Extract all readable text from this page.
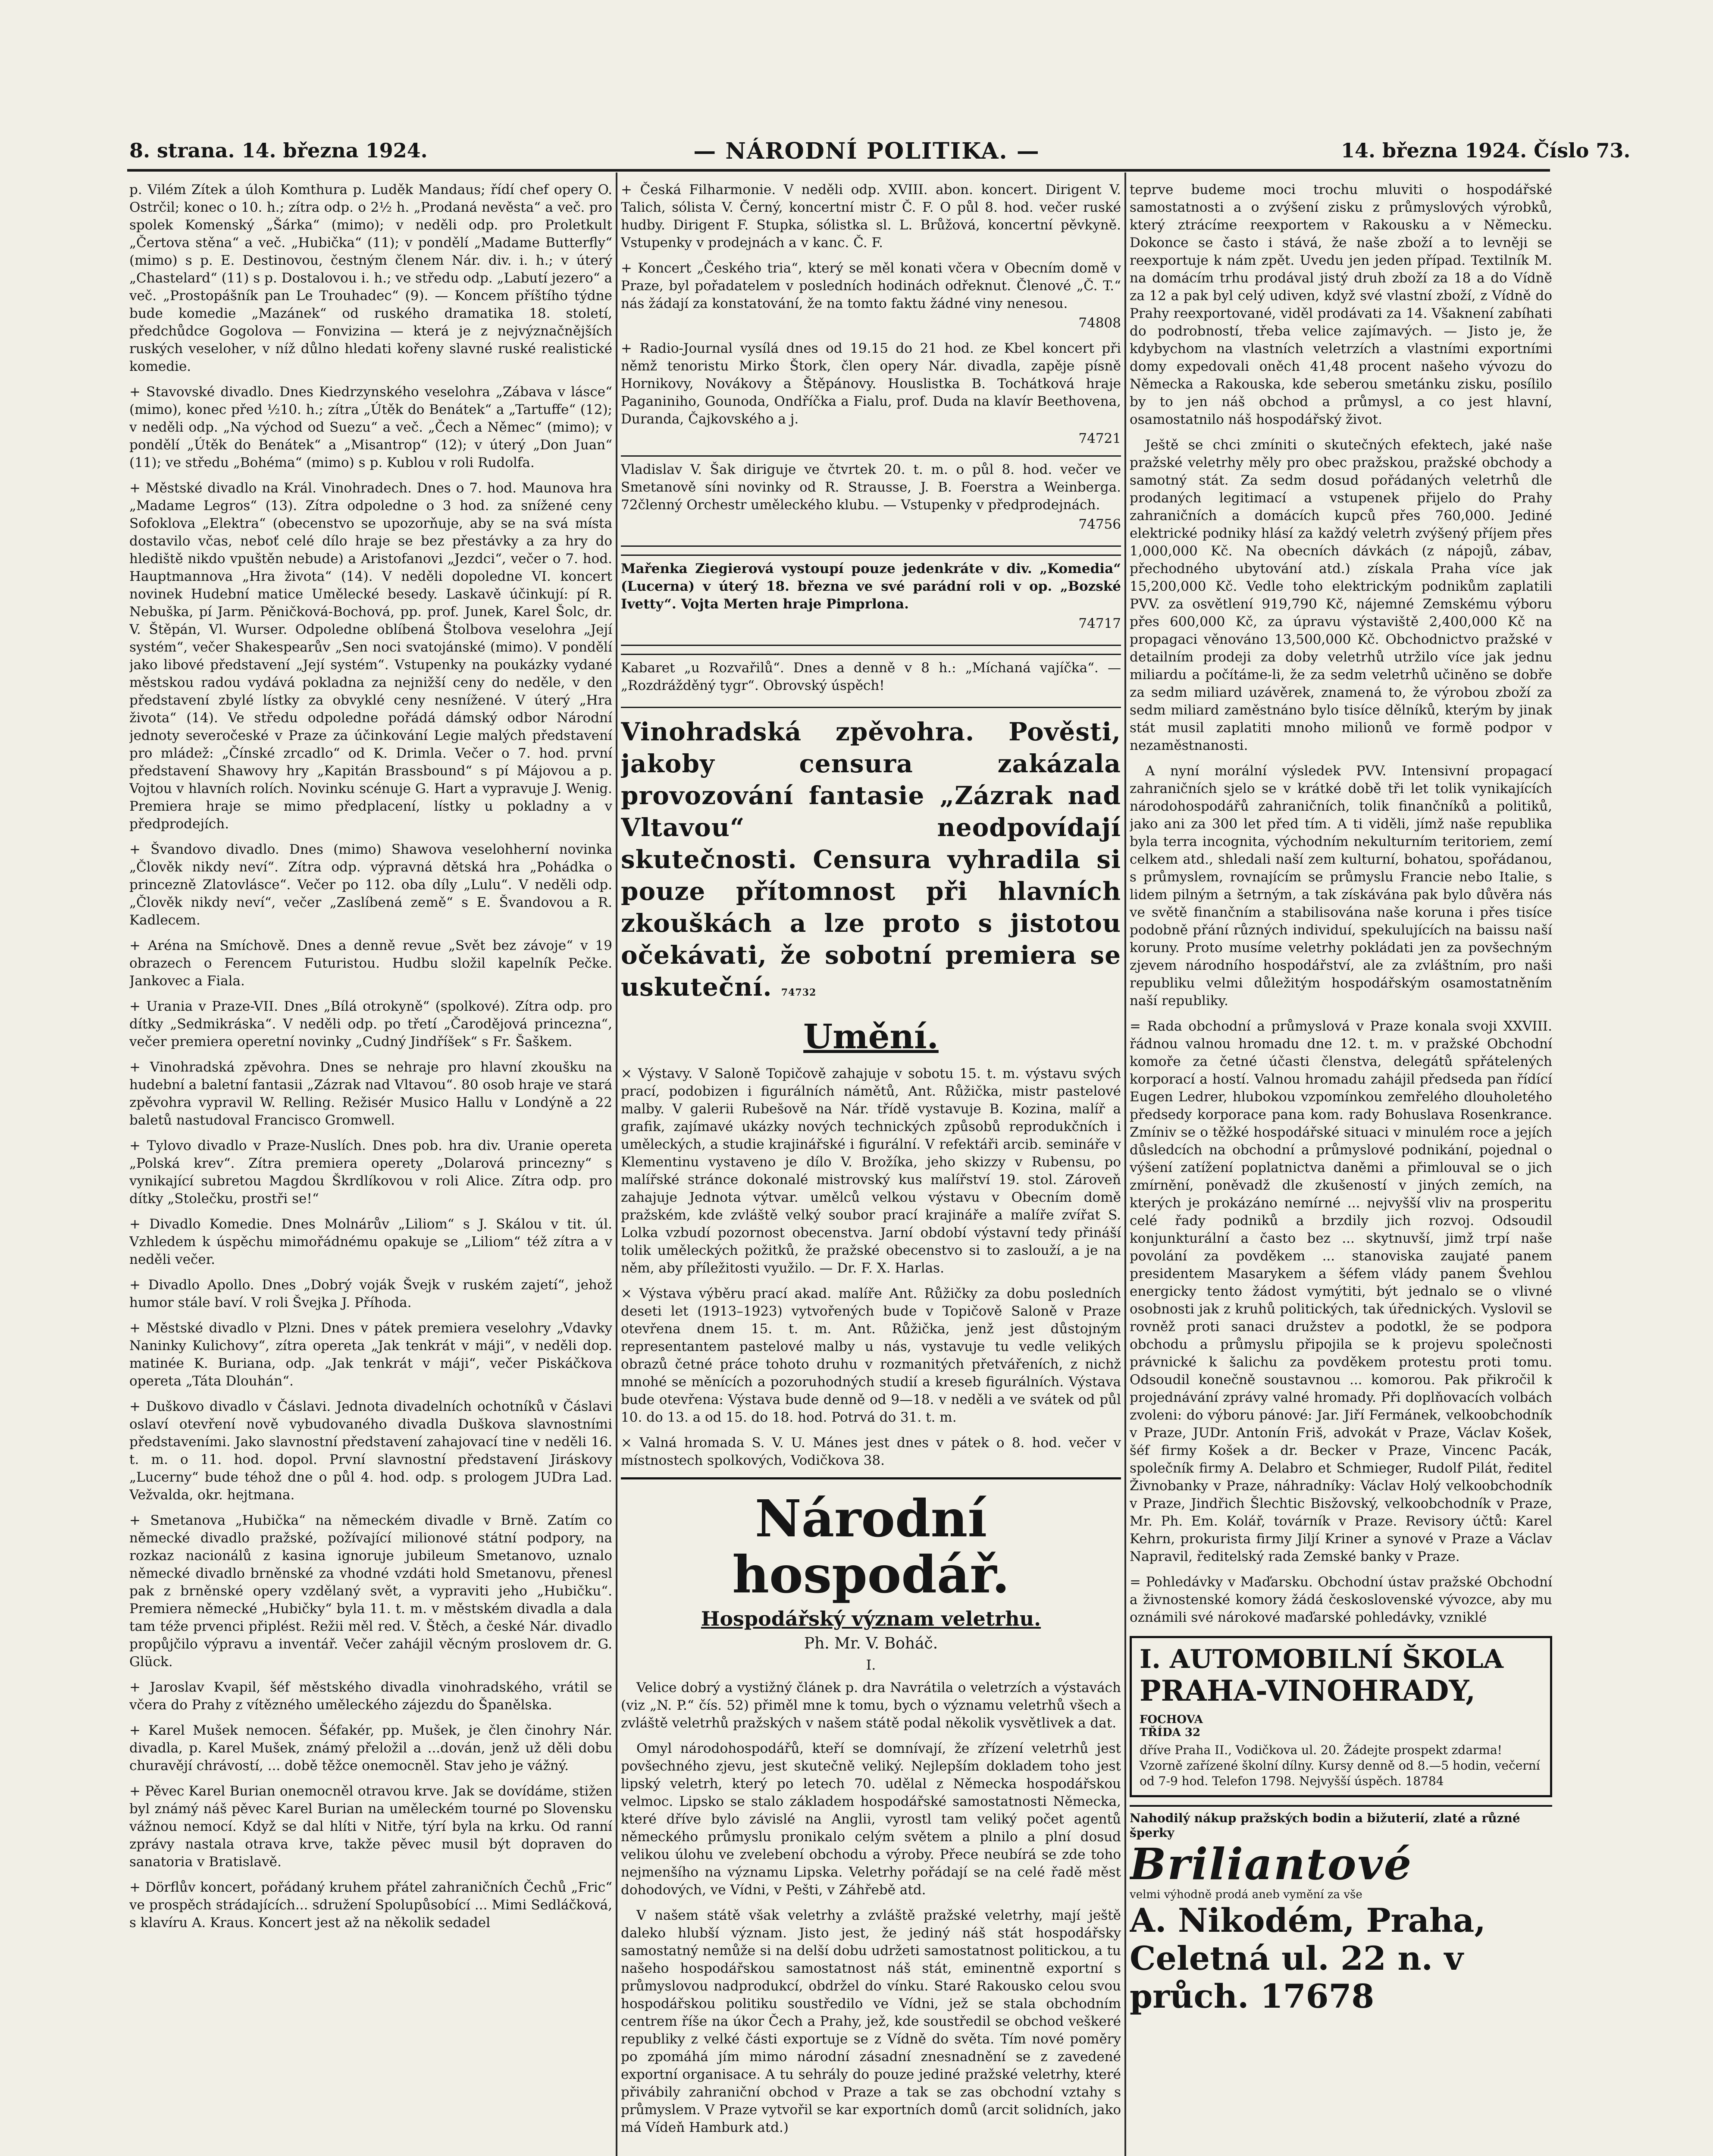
8. strana. 14. března 1924.	— NÁRODNÍ POLITIKA. —	14. března 1924. Číslo 73.

p. Vilém Zítek a úloh Komthura p. Luděk Mandaus; řídí chef opery O. Ostrčil; konec o 10. h.; zítra odp. o 2½ h. „Prodaná nevěsta“ a več. pro spolek Komenský „Šárka“ (mimo); v neděli odp. pro Proletkult „Čertova stěna“ a več. „Hubička“ (11); v pondělí „Madame Butterfly“ (mimo) s p. E. Destinovou, čestným členem Nár. div. i. h.; v úterý „Chastelard“ (11) s p. Dostalovou i. h.; ve středu odp. „Labutí jezero“ a več. „Prostopášník pan Le Trouhadec“ (9). — Koncem příštího týdne bude komedie „Mazánek“ od ruského dramatika 18. století, předchůdce Gogolova — Fonvizina — která je z nejvýznačnějších ruských veseloher, v níž důlno hledati kořeny slavné ruské realistické komedie.

+ Stavovské divadlo. Dnes Kiedrzynského veselohra „Zábava v lásce“ (mimo), konec před ½10. h.; zítra „Útěk do Benátek“ a „Tartuffe“ (12); v neděli odp. „Na východ od Suezu“ a več. „Čech a Němec“ (mimo); v pondělí „Útěk do Benátek“ a „Misantrop“ (12); v úterý „Don Juan“ (11); ve středu „Bohéma“ (mimo) s p. Kublou v roli Rudolfa.

+ Městské divadlo na Král. Vinohradech. Dnes o 7. hod. Maunova hra „Madame Legros“ (13). Zítra odpoledne o 3 hod. za snížené ceny Sofoklova „Elektra“ (obecenstvo se upozorňuje, aby se na svá místa dostavilo včas, neboť celé dílo hraje se bez přestávky a za hry do hlediště nikdo vpuštěn nebude) a Aristofanovi „Jezdci“, večer o 7. hod. Hauptmannova „Hra života“ (14). V neděli dopoledne VI. koncert novinek Hudební matice Umělecké besedy. Laskavě účinkují: pí R. Nebuška, pí Jarm. Pěničková-Bochová, pp. prof. Junek, Karel Šolc, dr. V. Štěpán, Vl. Wurser. Odpoledne oblíbená Štolbova veselohra „Její systém“, večer Shakespearův „Sen noci svatojánské (mimo). V pondělí jako libové představení „Její systém“. Vstupenky na poukázky vydané městskou radou vydává pokladna za nejnižší ceny do neděle, v den představení zbylé lístky za obvyklé ceny nesnížené. V úterý „Hra života“ (14). Ve středu odpoledne pořádá dámský odbor Národní jednoty severočeské v Praze za účinkování Legie malých představení pro mládež: „Čínské zrcadlo“ od K. Drimla. Večer o 7. hod. první představení Shawovy hry „Kapitán Brassbound“ s pí Májovou a p. Vojtou v hlavních rolích. Novinku scénuje G. Hart a vypravuje J. Wenig. Premiera hraje se mimo předplacení, lístky u pokladny a v předprodejích.

+ Švandovo divadlo. Dnes (mimo) Shawova veselohherní novinka „Člověk nikdy neví“. Zítra odp. výpravná dětská hra „Pohádka o princezně Zlatovlásce“. Večer po 112. oba díly „Lulu“. V neděli odp. „Člověk nikdy neví“, večer „Zaslíbená země“ s E. Švandovou a R. Kadlecem.

+ Aréna na Smíchově. Dnes a denně revue „Svět bez závoje“ v 19 obrazech o Ferencem Futuristou. Hudbu složil kapelník Pečke. Jankovec a Fiala.

+ Urania v Praze-VII. Dnes „Bílá otrokyně“ (spolkové). Zítra odp. pro dítky „Sedmikráska“. V neděli odp. po třetí „Čarodějová princezna“, večer premiera operetní novinky „Cudný Jindříšek“ s Fr. Šaškem.

+ Vinohradská zpěvohra. Dnes se nehraje pro hlavní zkoušku na hudební a baletní fantasii „Zázrak nad Vltavou“. 80 osob hraje ve stará zpěvohra vypravil W. Relling. Režisér Musico Hallu v Londýně a 22 baletů nastudoval Francisco Gromwell.

+ Tylovo divadlo v Praze-Nuslích. Dnes pob. hra div. Uranie opereta „Polská krev“. Zítra premiera operety „Dolarová princezny“ s vynikající subretou Magdou Škrdlíkovou v roli Alice. Zítra odp. pro dítky „Stolečku, prostři se!“

+ Divadlo Komedie. Dnes Molnárův „Liliom“ s J. Skálou v tit. úl. Vzhledem k úspěchu mimořádnému opakuje se „Liliom“ též zítra a v neděli večer.

+ Divadlo Apollo. Dnes „Dobrý voják Švejk v ruském zajetí“, jehož humor stále baví. V roli Švejka J. Příhoda.

+ Městské divadlo v Plzni. Dnes v pátek premiera veselohry „Vdavky Naninky Kulichovy“, zítra opereta „Jak tenkrát v máji“, v neděli dop. matinée K. Buriana, odp. „Jak tenkrát v máji“, večer Piskáčkova opereta „Táta Dlouhán“.

+ Duškovo divadlo v Čáslavi. Jednota divadelních ochotníků v Čáslavi oslaví otevření nově vybudovaného divadla Duškova slavnostními představeními. Jako slavnostní představení zahajovací tine v neděli 16. t. m. o 11. hod. dopol. První slavnostní představení Jiráskovy „Lucerny“ bude téhož dne o půl 4. hod. odp. s prologem JUDra Lad. Vežvalda, okr. hejtmana.

+ Smetanova „Hubička“ na německém divadle v Brně. Zatím co německé divadlo pražské, požívající milionové státní podpory, na rozkaz nacionálů z kasina ignoruje jubileum Smetanovo, uznalo německé divadlo brněnské za vhodné vzdáti hold Smetanovu, přenesl pak z brněnské opery vzdělaný svět, a vypraviti jeho „Hubičku“. Premiera německé „Hubičky“ byla 11. t. m. v městském divadla a dala tam téže prvenci připlést. Režii měl red. V. Štěch, a české Nár. divadlo propůjčilo výpravu a inventář. Večer zahájil věcným proslovem dr. G. Glück.

+ Jaroslav Kvapil, šéf městského divadla vinohradského, vrátil se včera do Prahy z vítězného uměleckého zájezdu do Španělska.

+ Karel Mušek nemocen. Šéfakér, pp. Mušek, je člen činohry Nár. divadla, p. Karel Mušek, známý přeložil a ...dován, jenž už děli dobu churavějí chrávostí, ... době těžce onemocněl. Stav jeho je vážný.

+ Pěvec Karel Burian onemocněl otravou krve. Jak se dovídáme, stižen byl známý náš pěvec Karel Burian na uměleckém tourné po Slovensku vážnou nemocí. Když se dal hlíti v Nitře, týrí byla na krku. Od ranní zprávy nastala otrava krve, takže pěvec musil být dopraven do sanatoria v Bratislavě.

+ Dörflův koncert, pořádaný kruhem přátel zahraničních Čechů „Fric“ ve prospěch strádajících... sdružení Spolupůsobící ... Mimi Sedláčková, s klavíru A. Kraus. Koncert jest až na několik sedadel

+ Česká Filharmonie. V neděli odp. XVIII. abon. koncert. Dirigent V. Talich, sólista V. Černý, koncertní mistr Č. F. O půl 8. hod. večer ruské hudby. Dirigent F. Stupka, sólistka sl. L. Brůžová, koncertní pěvkyně. Vstupenky v prodejnách a v kanc. Č. F.

+ Koncert „Českého tria“, který se měl konati včera v Obecním domě v Praze, byl pořadatelem v posledních hodinách odřeknut. Členové „Č. T.“ nás žádají za konstatování, že na tomto faktu žádné viny nenesou.

74808

+ Radio-Journal vysílá dnes od 19.15 do 21 hod. ze Kbel koncert při němž tenoristu Mirko Štork, člen opery Nár. divadla, zapěje písně Hornikovy, Novákovy a Štěpánovy. Houslistka B. Tochátková hraje Paganiniho, Gounoda, Ondříčka a Fialu, prof. Duda na klavír Beethovena, Duranda, Čajkovského a j.

74721

Vladislav V. Šak diriguje ve čtvrtek 20. t. m. o půl 8. hod. večer ve Smetanově síni novinky od R. Strausse, J. B. Foerstra a Weinberga. 72členný Orchestr uměleckého klubu. — Vstupenky v předprodejnách.

74756

Mařenka Ziegierová vystoupí pouze jedenkráte v div. „Komedia“ (Lucerna) v úterý 18. března ve své parádní roli v op. „Bozské Ivetty“. Vojta Merten hraje Pimprlona.

74717

Kabaret „u Rozvařilů“. Dnes a denně v 8 h.: „Míchaná vajíčka“. — „Rozdrážděný tygr“. Obrovský úspěch!

Vinohradská zpěvohra. Pověsti, jakoby censura zakázala provozování fantasie „Zázrak nad Vltavou“ neodpovídají skutečnosti. Censura vyhradila si pouze přítomnost při hlavních zkouškách a lze proto s jistotou očekávati, že sobotní premiera se uskuteční. 74732
Umění.

× Výstavy. V Saloně Topičově zahajuje v sobotu 15. t. m. výstavu svých prací, podobizen i figurálních námětů, Ant. Růžička, mistr pastelové malby. V galerii Rubešově na Nár. třídě vystavuje B. Kozina, malíř a grafik, zajímavé ukázky nových technických způsobů reprodukčních i uměleckých, a studie krajinářské i figurální. V refektáři arcib. semináře v Klementinu vystaveno je dílo V. Brožíka, jeho skizzy v Rubensu, po malířské stránce dokonalé mistrovský kus malířství 19. stol. Zároveň zahajuje Jednota výtvar. umělců velkou výstavu v Obecním domě pražském, kde zvláště velký soubor prací krajináře a malíře zvířat S. Lolka vzbudí pozornost obecenstva. Jarní období výstavní tedy přináší tolik uměleckých požitků, že pražské obecenstvo si to zaslouží, a je na něm, aby příležitosti využilo. — Dr. F. X. Harlas.

× Výstava výběru prací akad. malíře Ant. Růžičky za dobu posledních deseti let (1913–1923) vytvořených bude v Topičově Saloně v Praze otevřena dnem 15. t. m. Ant. Růžička, jenž jest důstojným representantem pastelové malby u nás, vystavuje tu vedle velikých obrazů četné práce tohoto druhu v rozmanitých přetvářeních, z nichž mnohé se měnících a pozoruhodných studií a kreseb figurálních. Výstava bude otevřena: Výstava bude denně od 9—18. v neděli a ve svátek od půl 10. do 13. a od 15. do 18. hod. Potrvá do 31. t. m.

× Valná hromada S. V. U. Mánes jest dnes v pátek o 8. hod. večer v místnostech spolkových, Vodičkova 38.

Národní hospodář.
Hospodářský význam veletrhu.
Ph. Mr. V. Boháč.
I.

Velice dobrý a vystižný článek p. dra Navrátila o veletrzích a výstavách (viz „N. P.“ čís. 52) přiměl mne k tomu, bych o významu veletrhů všech a zvláště veletrhů pražských v našem státě podal několik vysvětlivek a dat.

Omyl národohospodářů, kteří se domnívají, že zřízení veletrhů jest povšechného zjevu, jest skutečně veliký. Nejlepším dokladem toho jest lipský veletrh, který po letech 70. udělal z Německa hospodářskou velmoc. Lipsko se stalo základem hospodářské samostatnosti Německa, které dříve bylo závislé na Anglii, vyrostl tam veliký počet agentů německého průmyslu pronikalo celým světem a plnilo a plní dosud velikou úlohu ve zvelebení obchodu a výroby. Přece neubírá se zde toho nejmenšího na významu Lipska. Veletrhy pořádají se na celé řadě měst dohodových, ve Vídni, v Pešti, v Záhřebě atd.

V našem státě však veletrhy a zvláště pražské veletrhy, mají ještě daleko hlubší význam. Jisto jest, že jediný náš stát hospodářsky samostatný nemůže si na delší dobu udržeti samostatnost politickou, a tu našeho hospodářskou samostatnost náš stát, eminentně exportní s průmyslovou nadprodukcí, obdržel do vínku. Staré Rakousko celou svou hospodářskou politiku soustředilo ve Vídni, jež se stala obchodním centrem říše na úkor Čech a Prahy, jež, kde soustředil se obchod veškeré republiky z velké části exportuje se z Vídně do světa. Tím nové poměry po zpomáhá jím mimo národní zásadní znesnadnění se z zavedené exportní organisace. A tu sehrály do pouze jediné pražské veletrhy, které přivábily zahraniční obchod v Praze a tak se zas obchodní vztahy s průmyslem. V Praze vytvořil se kar exportních domů (arcit solidních, jako má Vídeň Hamburk atd.)

teprve budeme moci trochu mluviti o hospodářské samostatnosti a o zvýšení zisku z průmyslových výrobků, který ztrácíme reexportem v Rakousku a v Německu. Dokonce se často i stává, že naše zboží a to levněji se reexportuje k nám zpět. Uvedu jen jeden případ. Textilník M. na domácím trhu prodával jistý druh zboží za 18 a do Vídně za 12 a pak byl celý udiven, když své vlastní zboží, z Vídně do Prahy reexportované, viděl prodávati za 14. Všaknení zabíhati do podrobností, třeba velice zajímavých. — Jisto je, že kdybychom na vlastních veletrzích a vlastními exportními domy expedovali oněch 41,48 procent našeho vývozu do Německa a Rakouska, kde seberou smetánku zisku, posílilo by to jen náš obchod a průmysl, a co jest hlavní, osamostatnilo náš hospodářský život.

Ještě se chci zmíniti o skutečných efektech, jaké naše pražské veletrhy měly pro obec pražskou, pražské obchody a samotný stát. Za sedm dosud pořádaných veletrhů dle prodaných legitimací a vstupenek přijelo do Prahy zahraničních a domácích kupců přes 760,000. Jediné elektrické podniky hlásí za každý veletrh zvýšený příjem přes 1,000,000 Kč. Na obecních dávkách (z nápojů, zábav, přechodného ubytování atd.) získala Praha více jak 15,200,000 Kč. Vedle toho elektrickým podnikům zaplatili PVV. za osvětlení 919,790 Kč, nájemné Zemskému výboru přes 600,000 Kč, za úpravu výstaviště 2,400,000 Kč na propagaci věnováno 13,500,000 Kč. Obchodnictvo pražské v detailním prodeji za doby veletrhů utržilo více jak jednu miliardu a počítáme-li, že za sedm veletrhů učiněno se dobře za sedm miliard uzávěrek, znamená to, že výrobou zboží za sedm miliard zaměstnáno bylo tisíce dělníků, kterým by jinak stát musil zaplatiti mnoho milionů ve formě podpor v nezaměstnanosti.

A nyní morální výsledek PVV. Intensivní propagací zahraničních sjelo se v krátké době tři let tolik vynikajících národohospodářů zahraničních, tolik finančníků a politiků, jako ani za 300 let před tím. A ti viděli, jímž naše republika byla terra incognita, východním nekulturním teritoriem, zemí celkem atd., shledali naší zem kulturní, bohatou, spořádanou, s průmyslem, rovnajícím se průmyslu Francie nebo Italie, s lidem pilným a šetrným, a tak získávána pak bylo důvěra nás ve světě finančním a stabilisována naše koruna i přes tisíce podobně přání různých individuí, spekulujících na baissu naší koruny. Proto musíme veletrhy pokládati jen za povšechným zjevem národního hospodářství, ale za zvláštním, pro naši republiku velmi důležitým hospodářským osamostatněním naší republiky.

= Rada obchodní a průmyslová v Praze konala svoji XXVIII. řádnou valnou hromadu dne 12. t. m. v pražské Obchodní komoře za četné účasti členstva, delegátů spřátelených korporací a hostí. Valnou hromadu zahájil předseda pan řídící Eugen Ledrer, hlubokou vzpomínkou zemřelého dlouholetého předsedy korporace pana kom. rady Bohuslava Rosenkrance. Zmíniv se o těžké hospodářské situaci v minulém roce a jejích důsledcích na obchodní a průmyslové podnikání, pojednal o výšení zatížení poplatnictva daněmi a přimlouval se o jich zmírnění, poněvadž dle zkušeností v jiných zemích, na kterých je prokázáno nemírné ... nejvyšší vliv na prosperitu celé řady podniků a brzdily jich rozvoj. Odsoudil konjunkturální a často bez ... skytnuvší, jimž trpí naše povolání za povděkem ... stanoviska zaujaté panem presidentem Masarykem a šéfem vlády panem Švehlou energicky tento žádost vymýtiti, být jednalo se o vlivné osobnosti jak z kruhů politických, tak úřednických. Vyslovil se rovněž proti sanaci družstev a podotkl, že se podpora obchodu a průmyslu připojila se k projevu společnosti právnické k šalichu za povděkem protestu proti tomu. Odsoudil konečně soustavnou ... komorou. Pak přikročil k projednávání zprávy valné hromady. Při doplňovacích volbách zvoleni: do výboru pánové: Jar. Jiří Fermánek, velkoobchodník v Praze, JUDr. Antonín Friš, advokát v Praze, Václav Košek, šéf firmy Košek a dr. Becker v Praze, Vincenc Pacák, společník firmy A. Delabro et Schmieger, Rudolf Pilát, ředitel Živnobanky v Praze, náhradníky: Václav Holý velkoobchodník v Praze, Jindřich Šlechtic Bisžovský, velkoobchodník v Praze, Mr. Ph. Em. Kolář, továrník v Praze. Revisory účtů: Karel Kehrn, prokurista firmy Jiljí Kriner a synové v Praze a Václav Napravil, ředitelský rada Zemské banky v Praze.

= Pohledávky v Maďarsku. Obchodní ústav pražské Obchodní a živnostenské komory žádá československé vývozce, aby mu oznámili své nárokové maďarské pohledávky, vzniklé

I. AUTOMOBILNÍ ŠKOLA
PRAHA-VINOHRADY, FOCHOVA TŘÍDA 32
dříve Praha II., Vodičkova ul. 20. Žádejte prospekt zdarma! Vzorně zařízené školní dílny. Kursy denně od 8.—5 hodin, večerní od 7-9 hod. Telefon 1798. Nejvyšší úspěch. 18784
Nahodilý nákup pražských bodin a bižuterií, zlaté a různé šperky
Briliantové
velmi výhodně prodá aneb vymění za vše
A. Nikodém, Praha, Celetná ul. 22 n. v průch. 17678
